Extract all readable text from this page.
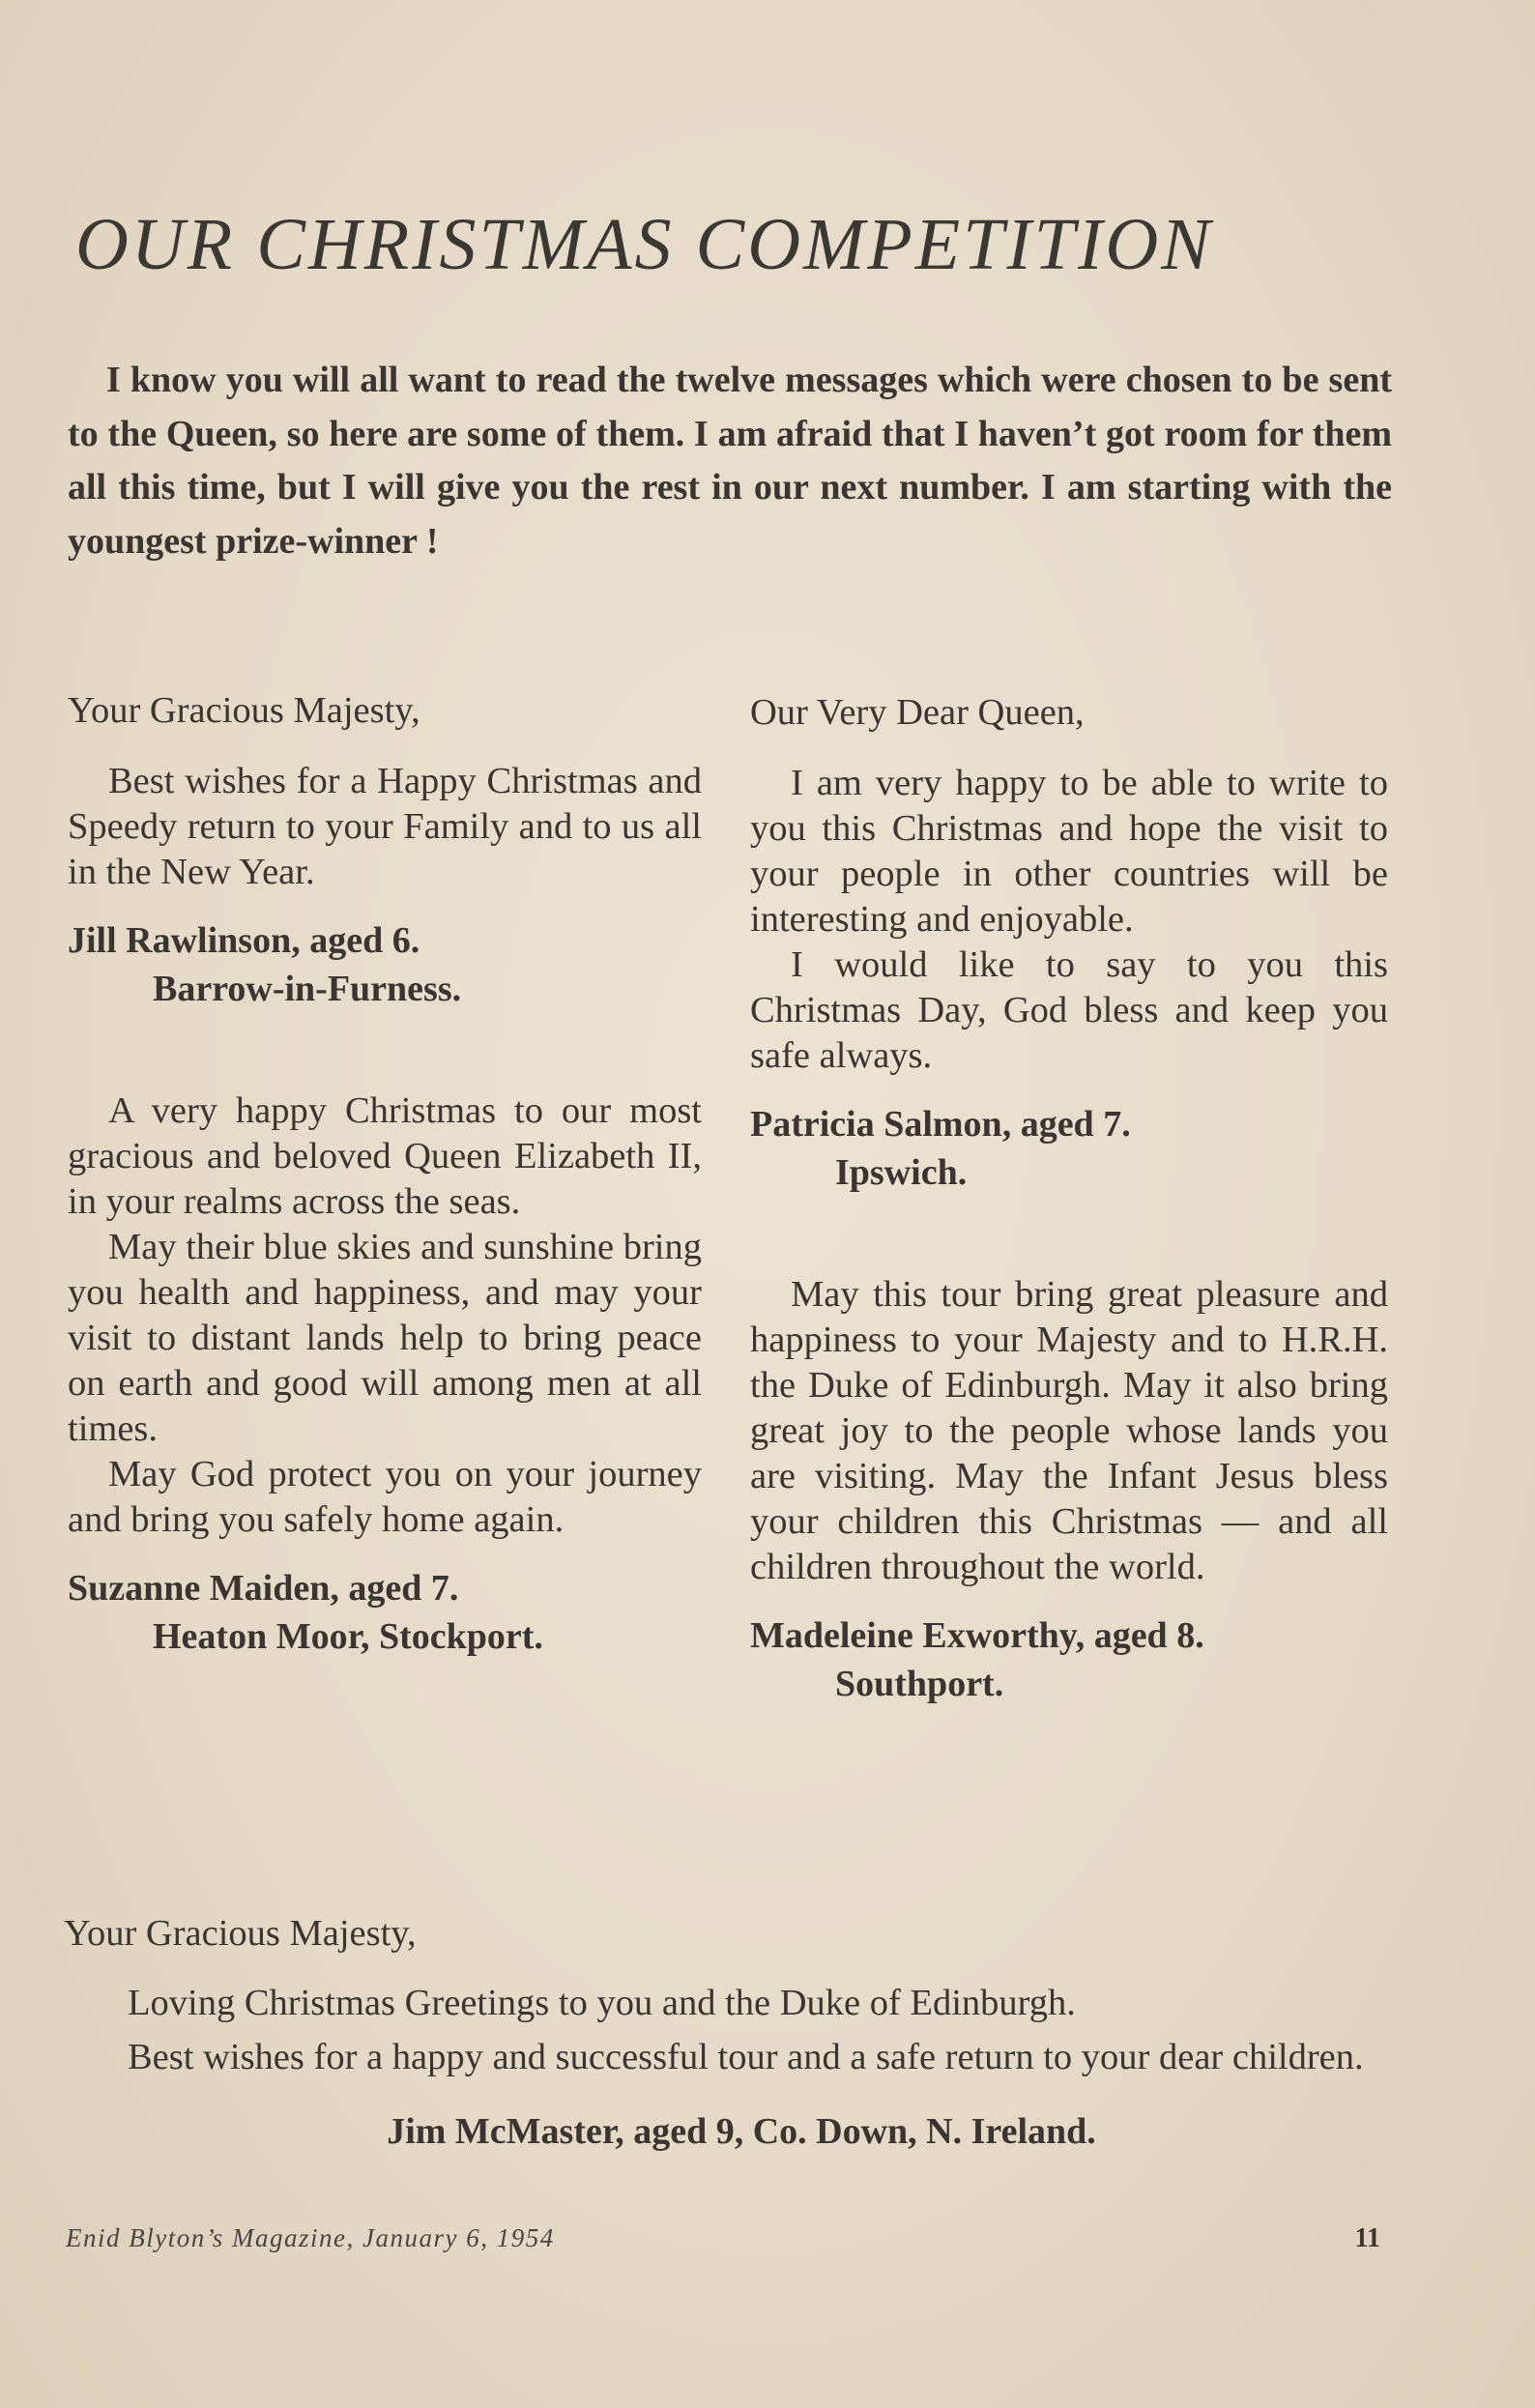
OUR CHRISTMAS COMPETITION

I know you will all want to read the twelve messages which were chosen to be sent to the Queen, so here are some of them. I am afraid that I haven’t got room for them all this time, but I will give you the rest in our next number. I am starting with the youngest prize-winner !

Your Gracious Majesty,

Best wishes for a Happy Christmas and Speedy return to your Family and to us all in the New Year.

Jill Rawlinson, aged 6.
Barrow-in-Furness.

A very happy Christmas to our most gracious and beloved Queen Elizabeth II, in your realms across the seas.

May their blue skies and sunshine bring you health and happiness, and may your visit to distant lands help to bring peace on earth and good will among men at all times.

May God protect you on your journey and bring you safely home again.

Suzanne Maiden, aged 7.
Heaton Moor, Stockport.

Our Very Dear Queen,

I am very happy to be able to write to you this Christmas and hope the visit to your people in other countries will be interesting and enjoyable.

I would like to say to you this Christmas Day, God bless and keep you safe always.

Patricia Salmon, aged 7.
Ipswich.

May this tour bring great pleasure and happiness to your Majesty and to H.R.H. the Duke of Edinburgh. May it also bring great joy to the people whose lands you are visiting. May the Infant Jesus bless your children this Christmas — and all children throughout the world.

Madeleine Exworthy, aged 8.
Southport.

Your Gracious Majesty,

Loving Christmas Greetings to you and the Duke of Edinburgh.

Best wishes for a happy and successful tour and a safe return to your dear children.

Jim McMaster, aged 9, Co. Down, N. Ireland.

Enid Blyton’s Magazine, January 6, 1954	11
